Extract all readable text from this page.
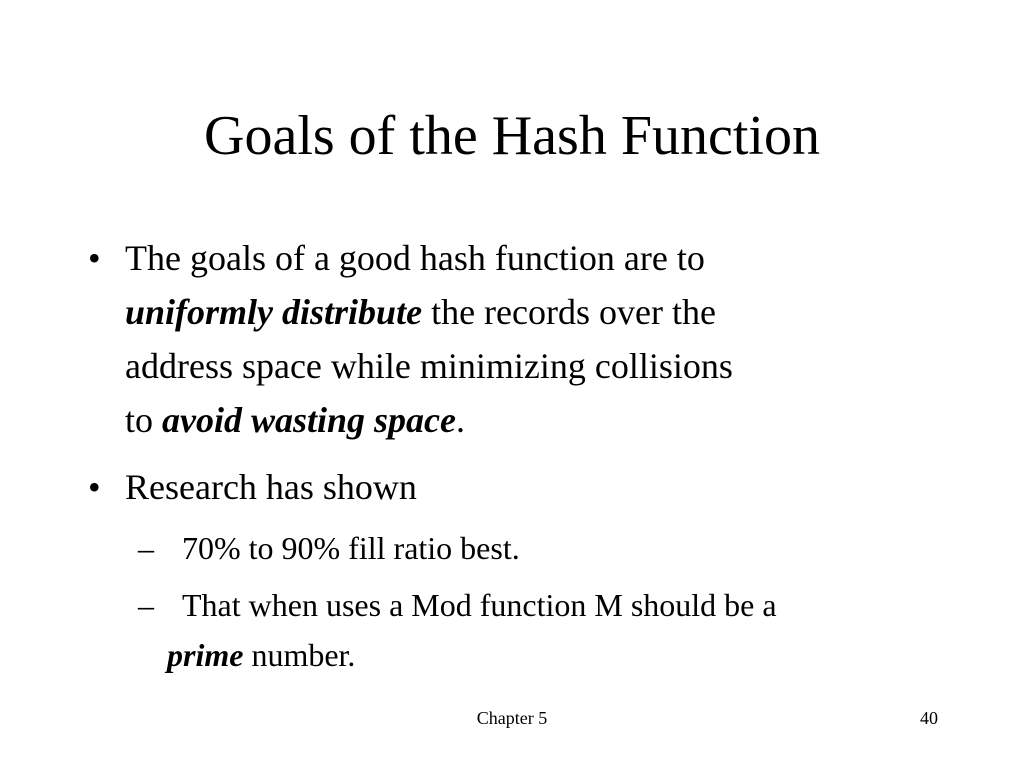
Goals of the Hash Function
• The goals of a good hash function are to
uniformly distribute the records over the
address space while minimizing collisions
to avoid wasting space.
• Research has shown
– 70% to 90% fill ratio best.
– That when uses a Mod function M should be a
prime number.
Chapter 5	40
